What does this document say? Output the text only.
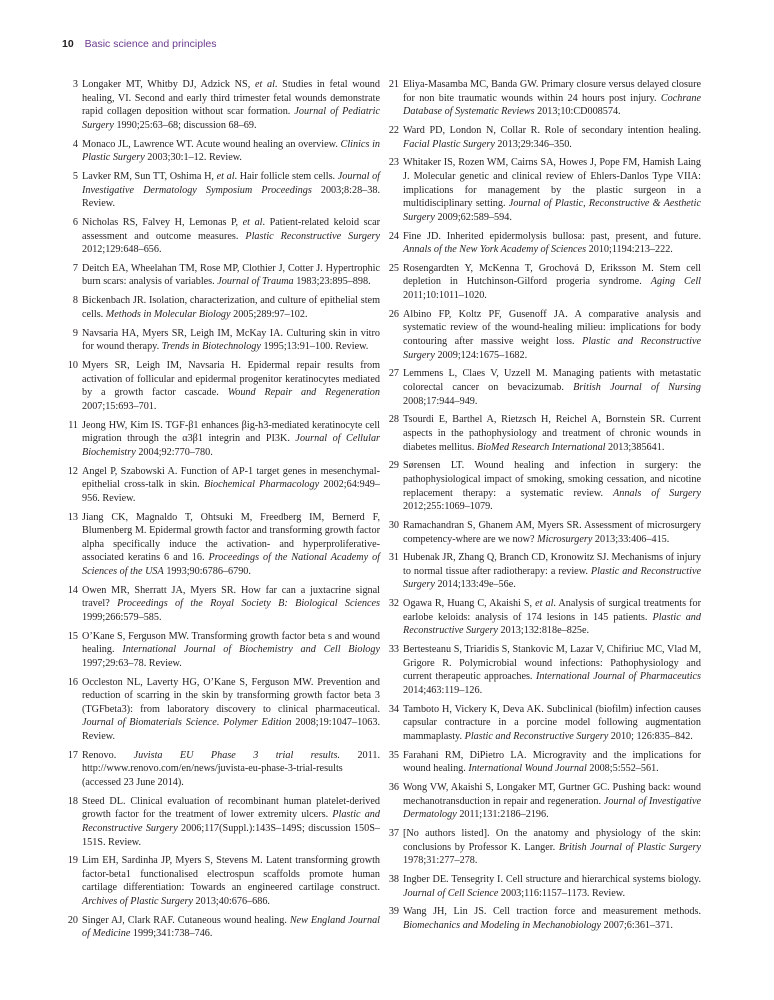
10 Basic science and principles
3 Longaker MT, Whitby DJ, Adzick NS, et al. Studies in fetal wound healing, VI. Second and early third trimester fetal wounds demonstrate rapid collagen deposition without scar formation. Journal of Pediatric Surgery 1990;25:63–68; discussion 68–69.
4 Monaco JL, Lawrence WT. Acute wound healing an overview. Clinics in Plastic Surgery 2003;30:1–12. Review.
5 Lavker RM, Sun TT, Oshima H, et al. Hair follicle stem cells. Journal of Investigative Dermatology Symposium Proceedings 2003;8:28–38. Review.
6 Nicholas RS, Falvey H, Lemonas P, et al. Patient-related keloid scar assessment and outcome measures. Plastic Reconstructive Surgery 2012;129:648–656.
7 Deitch EA, Wheelahan TM, Rose MP, Clothier J, Cotter J. Hypertrophic burn scars: analysis of variables. Journal of Trauma 1983;23:895–898.
8 Bickenbach JR. Isolation, characterization, and culture of epithelial stem cells. Methods in Molecular Biology 2005;289:97–102.
9 Navsaria HA, Myers SR, Leigh IM, McKay IA. Culturing skin in vitro for wound therapy. Trends in Biotechnology 1995;13:91–100. Review.
10 Myers SR, Leigh IM, Navsaria H. Epidermal repair results from activation of follicular and epidermal progenitor keratinocytes mediated by a growth factor cascade. Wound Repair and Regeneration 2007;15:693–701.
11 Jeong HW, Kim IS. TGF-β1 enhances βig-h3-mediated keratinocyte cell migration through the α3β1 integrin and PI3K. Journal of Cellular Biochemistry 2004;92:770–780.
12 Angel P, Szabowski A. Function of AP-1 target genes in mesenchymal-epithelial cross-talk in skin. Biochemical Pharmacology 2002;64:949–956. Review.
13 Jiang CK, Magnaldo T, Ohtsuki M, Freedberg IM, Bernerd F, Blumenberg M. Epidermal growth factor and transforming growth factor alpha specifically induce the activation- and hyperproliferative-associated keratins 6 and 16. Proceedings of the National Academy of Sciences of the USA 1993;90:6786–6790.
14 Owen MR, Sherratt JA, Myers SR. How far can a juxtacrine signal travel? Proceedings of the Royal Society B: Biological Sciences 1999;266:579–585.
15 O’Kane S, Ferguson MW. Transforming growth factor beta s and wound healing. International Journal of Biochemistry and Cell Biology 1997;29:63–78. Review.
16 Occleston NL, Laverty HG, O’Kane S, Ferguson MW. Prevention and reduction of scarring in the skin by transforming growth factor beta 3 (TGFbeta3): from laboratory discovery to clinical pharmaceutical. Journal of Biomaterials Science. Polymer Edition 2008;19:1047–1063. Review.
17 Renovo. Juvista EU Phase 3 trial results. 2011. http://www.renovo.com/en/news/juvista-eu-phase-3-trial-results (accessed 23 June 2014).
18 Steed DL. Clinical evaluation of recombinant human platelet-derived growth factor for the treatment of lower extremity ulcers. Plastic and Reconstructive Surgery 2006;117(Suppl.):143S–149S; discussion 150S–151S. Review.
19 Lim EH, Sardinha JP, Myers S, Stevens M. Latent transforming growth factor-beta1 functionalised electrospun scaffolds promote human cartilage differentiation: Towards an engineered cartilage construct. Archives of Plastic Surgery 2013;40:676–686.
20 Singer AJ, Clark RAF. Cutaneous wound healing. New England Journal of Medicine 1999;341:738–746.
21 Eliya-Masamba MC, Banda GW. Primary closure versus delayed closure for non bite traumatic wounds within 24 hours post injury. Cochrane Database of Systematic Reviews 2013;10:CD008574.
22 Ward PD, London N, Collar R. Role of secondary intention healing. Facial Plastic Surgery 2013;29:346–350.
23 Whitaker IS, Rozen WM, Cairns SA, Howes J, Pope FM, Hamish Laing J. Molecular genetic and clinical review of Ehlers-Danlos Type VIIA: implications for management by the plastic surgeon in a multidisciplinary setting. Journal of Plastic, Reconstructive & Aesthetic Surgery 2009;62:589–594.
24 Fine JD. Inherited epidermolysis bullosa: past, present, and future. Annals of the New York Academy of Sciences 2010;1194:213–222.
25 Rosengardten Y, McKenna T, Grochová D, Eriksson M. Stem cell depletion in Hutchinson-Gilford progeria syndrome. Aging Cell 2011;10:1011–1020.
26 Albino FP, Koltz PF, Gusenoff JA. A comparative analysis and systematic review of the wound-healing milieu: implications for body contouring after massive weight loss. Plastic and Reconstructive Surgery 2009;124:1675–1682.
27 Lemmens L, Claes V, Uzzell M. Managing patients with metastatic colorectal cancer on bevacizumab. British Journal of Nursing 2008;17:944–949.
28 Tsourdi E, Barthel A, Rietzsch H, Reichel A, Bornstein SR. Current aspects in the pathophysiology and treatment of chronic wounds in diabetes mellitus. BioMed Research International 2013;385641.
29 Sørensen LT. Wound healing and infection in surgery: the pathophysiological impact of smoking, smoking cessation, and nicotine replacement therapy: a systematic review. Annals of Surgery 2012;255:1069–1079.
30 Ramachandran S, Ghanem AM, Myers SR. Assessment of microsurgery competency-where are we now? Microsurgery 2013;33:406–415.
31 Hubenak JR, Zhang Q, Branch CD, Kronowitz SJ. Mechanisms of injury to normal tissue after radiotherapy: a review. Plastic and Reconstructive Surgery 2014;133:49e–56e.
32 Ogawa R, Huang C, Akaishi S, et al. Analysis of surgical treatments for earlobe keloids: analysis of 174 lesions in 145 patients. Plastic and Reconstructive Surgery 2013;132:818e–825e.
33 Bertesteanu S, Triaridis S, Stankovic M, Lazar V, Chifiriuc MC, Vlad M, Grigore R. Polymicrobial wound infections: Pathophysiology and current therapeutic approaches. International Journal of Pharmaceutics 2014;463:119–126.
34 Tamboto H, Vickery K, Deva AK. Subclinical (biofilm) infection causes capsular contracture in a porcine model following augmentation mammaplasty. Plastic and Reconstructive Surgery 2010; 126:835–842.
35 Farahani RM, DiPietro LA. Microgravity and the implications for wound healing. International Wound Journal 2008;5:552–561.
36 Wong VW, Akaishi S, Longaker MT, Gurtner GC. Pushing back: wound mechanotransduction in repair and regeneration. Journal of Investigative Dermatology 2011;131:2186–2196.
37 [No authors listed]. On the anatomy and physiology of the skin: conclusions by Professor K. Langer. British Journal of Plastic Surgery 1978;31:277–278.
38 Ingber DE. Tensegrity I. Cell structure and hierarchical systems biology. Journal of Cell Science 2003;116:1157–1173. Review.
39 Wang JH, Lin JS. Cell traction force and measurement methods. Biomechanics and Modeling in Mechanobiology 2007;6:361–371.
